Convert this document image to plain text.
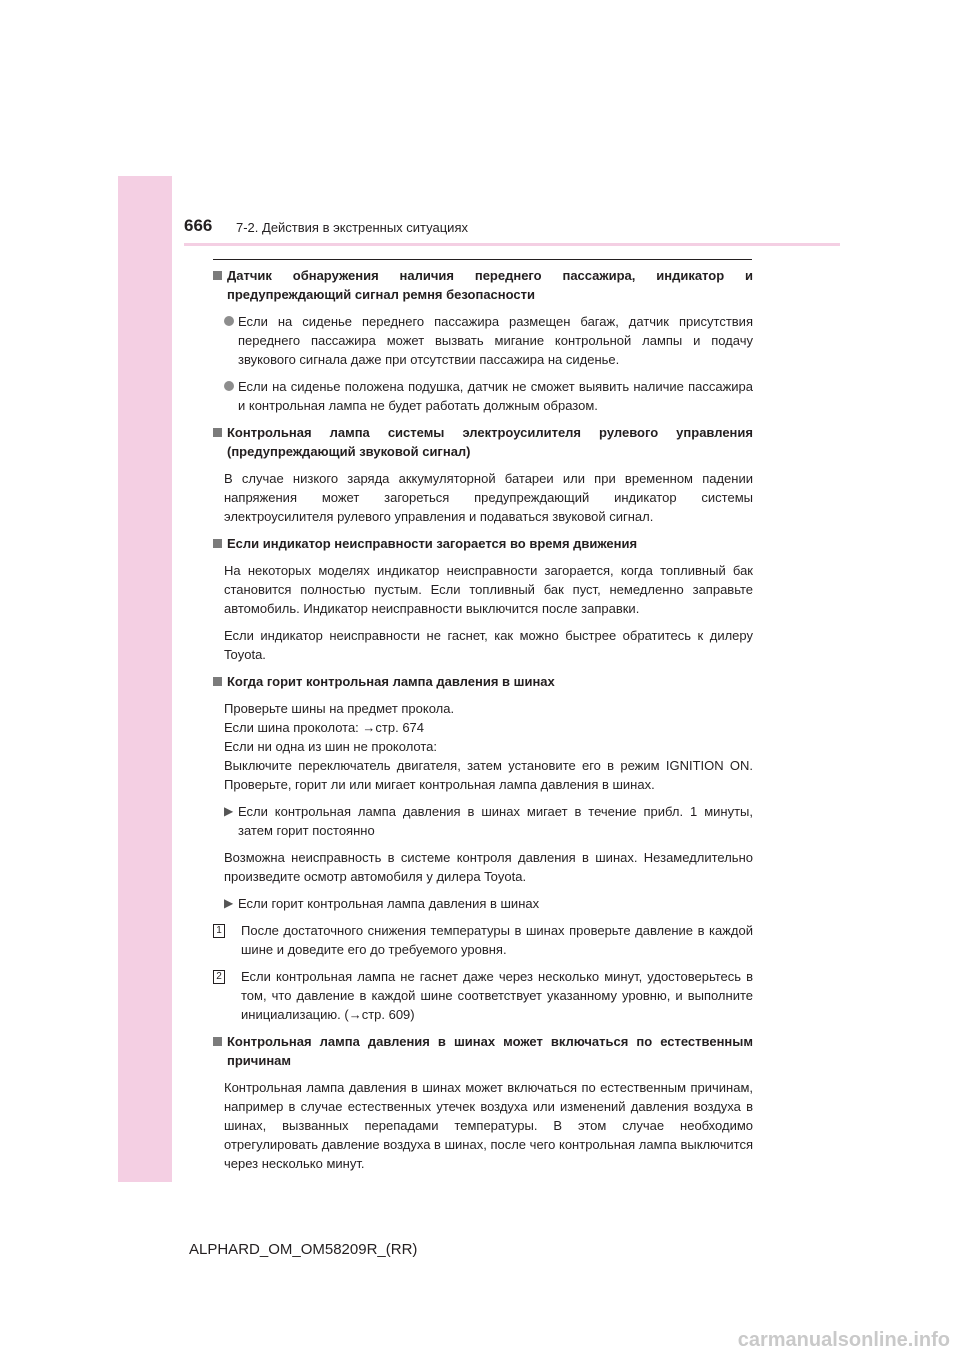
666 7-2. Действия в экстренных ситуациях
Датчик обнаружения наличия переднего пассажира, индикатор и предупреждающий сигнал ремня безопасности
Если на сиденье переднего пассажира размещен багаж, датчик присутствия переднего пассажира может вызвать мигание контрольной лампы и подачу звукового сигнала даже при отсутствии пассажира на сиденье.
Если на сиденье положена подушка, датчик не сможет выявить наличие пассажира и контрольная лампа не будет работать должным образом.
Контрольная лампа системы электроусилителя рулевого управления (предупреждающий звуковой сигнал)
В случае низкого заряда аккумуляторной батареи или при временном падении напряжения может загореться предупреждающий индикатор системы электроусилителя рулевого управления и подаваться звуковой сигнал.
Если индикатор неисправности загорается во время движения
На некоторых моделях индикатор неисправности загорается, когда топливный бак становится полностью пустым. Если топливный бак пуст, немедленно заправьте автомобиль. Индикатор неисправности выключится после заправки.
Если индикатор неисправности не гаснет, как можно быстрее обратитесь к дилеру Toyota.
Когда горит контрольная лампа давления в шинах
Проверьте шины на предмет прокола.
Если шина проколота: →стр. 674
Если ни одна из шин не проколота:
Выключите переключатель двигателя, затем установите его в режим IGNITION ON. Проверьте, горит ли или мигает контрольная лампа давления в шинах.
▶ Если контрольная лампа давления в шинах мигает в течение прибл. 1 минуты, затем горит постоянно
Возможна неисправность в системе контроля давления в шинах. Незамедлительно произведите осмотр автомобиля у дилера Toyota.
▶ Если горит контрольная лампа давления в шинах
1 После достаточного снижения температуры в шинах проверьте давление в каждой шине и доведите его до требуемого уровня.
2 Если контрольная лампа не гаснет даже через несколько минут, удостоверьтесь в том, что давление в каждой шине соответствует указанному уровню, и выполните инициализацию. (→стр. 609)
Контрольная лампа давления в шинах может включаться по естественным причинам
Контрольная лампа давления в шинах может включаться по естественным причинам, например в случае естественных утечек воздуха или изменений давления воздуха в шинах, вызванных перепадами температуры. В этом случае необходимо отрегулировать давление воздуха в шинах, после чего контрольная лампа выключится через несколько минут.
ALPHARD_OM_OM58209R_(RR)
carmanualsonline.info
